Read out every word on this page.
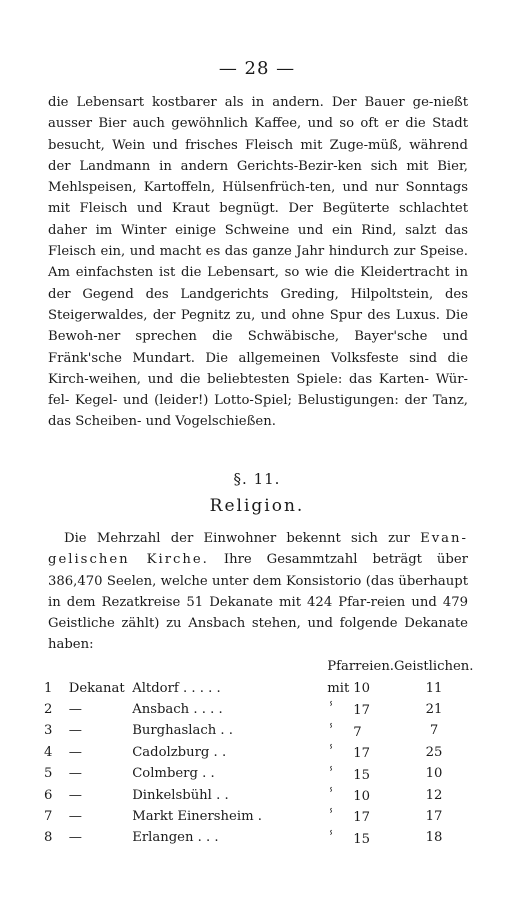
— 28 —

die Lebensart kostbarer als in andern. Der Bauer ge-nießt ausser Bier auch gewöhnlich Kaffee, und so oft er die Stadt besucht, Wein und frisches Fleisch mit Zuge-müß, während der Landmann in andern Gerichts-Bezir-ken sich mit Bier, Mehlspeisen, Kartoffeln, Hülsenfrüch-ten, und nur Sonntags mit Fleisch und Kraut begnügt. Der Begüterte schlachtet daher im Winter einige Schweine und ein Rind, salzt das Fleisch ein, und macht es das ganze Jahr hindurch zur Speise. Am einfachsten ist die Lebensart, so wie die Kleidertracht in der Gegend des Landgerichts Greding, Hilpoltstein, des Steigerwaldes, der Pegnitz zu, und ohne Spur des Luxus. Die Bewoh-ner sprechen die Schwäbische, Bayer'sche und Fränk'sche Mundart. Die allgemeinen Volksfeste sind die Kirch-weihen, und die beliebtesten Spiele: das Karten- Wür-fel- Kegel- und (leider!) Lotto-Spiel; Belustigungen: der Tanz, das Scheiben- und Vogelschießen.

§. 11.
Religion.

Die Mehrzahl der Einwohner bekennt sich zur Evan-gelischen Kirche. Ihre Gesammtzahl beträgt über 386,470 Seelen, welche unter dem Konsistorio (das überhaupt in dem Rezatkreise 51 Dekanate mit 424 Pfar-reien und 479 Geistliche zählt) zu Ansbach stehen, und folgende Dekanate haben:

			Pfarreien.	Geistlichen.
1	Dekanat	Altdorf . . . . .	mit 10	11
2	—	Ansbach . . . .	ⸯ 17	21
3	—	Burghaslach . .	ⸯ 7	7
4	—	Cadolzburg . .	ⸯ 17	25
5	—	Colmberg . .	ⸯ 15	10
6	—	Dinkelsbühl . .	ⸯ 10	12
7	—	Markt Einersheim .	ⸯ 17	17
8	—	Erlangen . . .	ⸯ 15	18
